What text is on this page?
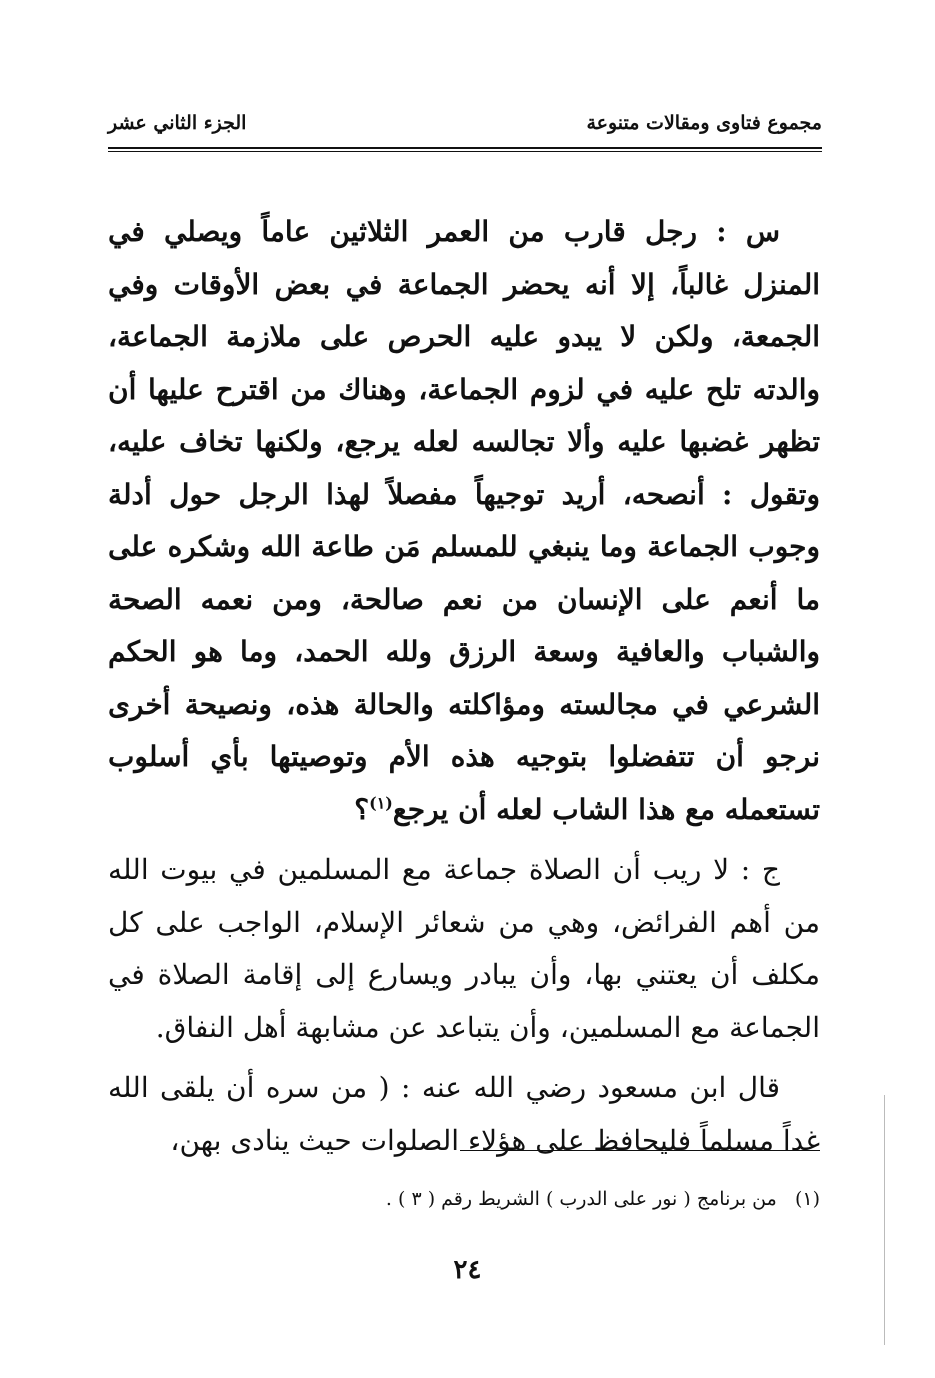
مجموع فتاوى ومقالات متنوعة
الجزء الثاني عشر

س : رجل قارب من العمر الثلاثين عاماً ويصلي في المنزل غالباً، إلا أنه يحضر الجماعة في بعض الأوقات وفي الجمعة، ولكن لا يبدو عليه الحرص على ملازمة الجماعة، والدته تلح عليه في لزوم الجماعة، وهناك من اقترح عليها أن تظهر غضبها عليه وألا تجالسه لعله يرجع، ولكنها تخاف عليه، وتقول : أنصحه، أريد توجيهاً مفصلاً لهذا الرجل حول أدلة وجوب الجماعة وما ينبغي للمسلم مَن طاعة الله وشكره على ما أنعم على الإنسان من نعم صالحة، ومن نعمه الصحة والشباب والعافية وسعة الرزق ولله الحمد، وما هو الحكم الشرعي في مجالسته ومؤاكلته والحالة هذه، ونصيحة أخرى نرجو أن تتفضلوا بتوجيه هذه الأم وتوصيتها بأي أسلوب تستعمله مع هذا الشاب لعله أن يرجع$^{(١)}$؟

ج : لا ريب أن الصلاة جماعة مع المسلمين في بيوت الله من أهم الفرائض، وهي من شعائر الإسلام، الواجب على كل مكلف أن يعتني بها، وأن يبادر ويسارع إلى إقامة الصلاة في الجماعة مع المسلمين، وأن يتباعد عن مشابهة أهل النفاق.

قال ابن مسعود رضي الله عنه : ( من سره أن يلقى الله غداً مسلماً فليحافظ على هؤلاء الصلوات حيث ينادى بهن،

(١)   من برنامج ( نور على الدرب ) الشريط رقم ( ٣ ) .
٢٤
